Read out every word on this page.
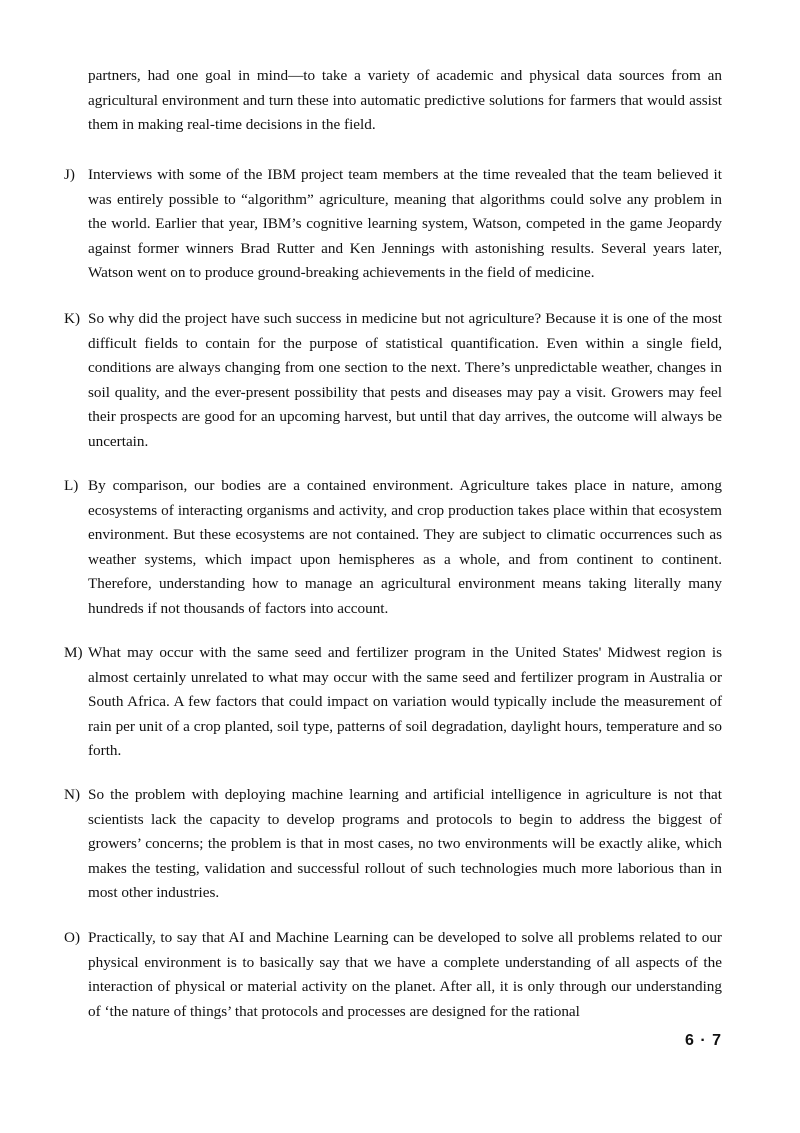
partners, had one goal in mind—to take a variety of academic and physical data sources from an agricultural environment and turn these into automatic predictive solutions for farmers that would assist them in making real-time decisions in the field.

J) Interviews with some of the IBM project team members at the time revealed that the team believed it was entirely possible to “algorithm” agriculture, meaning that algorithms could solve any problem in the world. Earlier that year, IBM’s cognitive learning system, Watson, competed in the game Jeopardy against former winners Brad Rutter and Ken Jennings with astonishing results. Several years later, Watson went on to produce ground-breaking achievements in the field of medicine.

K) So why did the project have such success in medicine but not agriculture? Because it is one of the most difficult fields to contain for the purpose of statistical quantification. Even within a single field, conditions are always changing from one section to the next. There’s unpredictable weather, changes in soil quality, and the ever-present possibility that pests and diseases may pay a visit. Growers may feel their prospects are good for an upcoming harvest, but until that day arrives, the outcome will always be uncertain.

L) By comparison, our bodies are a contained environment. Agriculture takes place in nature, among ecosystems of interacting organisms and activity, and crop production takes place within that ecosystem environment. But these ecosystems are not contained. They are subject to climatic occurrences such as weather systems, which impact upon hemispheres as a whole, and from continent to continent. Therefore, understanding how to manage an agricultural environment means taking literally many hundreds if not thousands of factors into account.

M) What may occur with the same seed and fertilizer program in the United States' Midwest region is almost certainly unrelated to what may occur with the same seed and fertilizer program in Australia or South Africa. A few factors that could impact on variation would typically include the measurement of rain per unit of a crop planted, soil type, patterns of soil degradation, daylight hours, temperature and so forth.

N) So the problem with deploying machine learning and artificial intelligence in agriculture is not that scientists lack the capacity to develop programs and protocols to begin to address the biggest of growers’ concerns; the problem is that in most cases, no two environments will be exactly alike, which makes the testing, validation and successful rollout of such technologies much more laborious than in most other industries.

O) Practically, to say that AI and Machine Learning can be developed to solve all problems related to our physical environment is to basically say that we have a complete understanding of all aspects of the interaction of physical or material activity on the planet. After all, it is only through our understanding of ‘the nature of things’ that protocols and processes are designed for the rational

6 · 7
